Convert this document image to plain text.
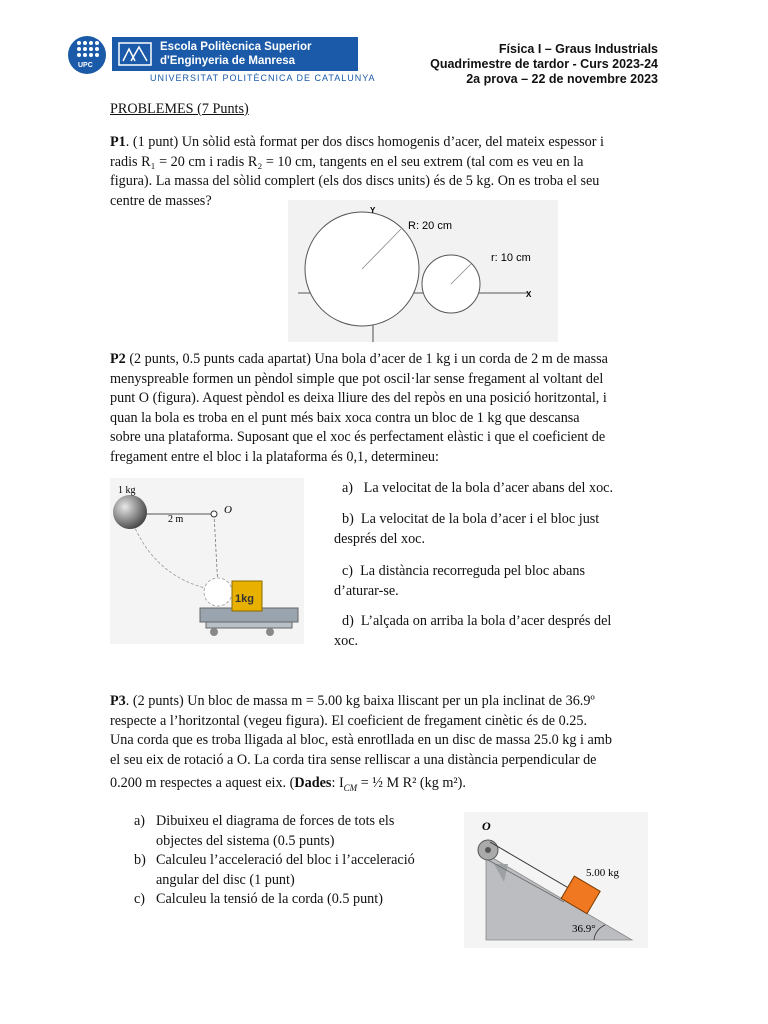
UPC
Escola Politècnica Superior
d'Enginyeria de Manresa
UNIVERSITAT POLITÈCNICA DE CATALUNYA
Física I – Graus Industrials
Quadrimestre de tardor - Curs 2023-24
2a prova – 22 de novembre 2023
PROBLEMES (7 Punts)
P1. (1 punt) Un sòlid està format per dos discs homogenis d’acer, del mateix espessor i
radis R₁ = 20 cm i radis R₂ = 10 cm, tangents en el seu extrem (tal com es veu en la
figura). La massa del sòlid complert (els dos discs units) és de 5 kg. On es troba el seu
centre de masses?
Y
X
R: 20 cm
r: 10 cm
P2 (2 punts, 0.5 punts cada apartat) Una bola d’acer de 1 kg i un corda de 2 m de massa
menyspreable formen un pèndol simple que pot oscil·lar sense fregament al voltant del
punt O (figura). Aquest pèndol es deixa lliure des del repòs en una posició horitzontal, i
quan la bola es troba en el punt més baix xoca contra un bloc de 1 kg que descansa
sobre una plataforma. Suposant que el xoc és perfectament elàstic i que el coeficient de
fregament entre el bloc i la plataforma és 0,1, determineu:
1 kg
2 m
O
1kg
a) La velocitat de la bola d’acer abans del xoc.
b) La velocitat de la bola d’acer i el bloc just
després del xoc.
c) La distància recorreguda pel bloc abans
d’aturar-se.
d) L’alçada on arriba la bola d’acer després del
xoc.
P3. (2 punts) Un bloc de massa m = 5.00 kg baixa lliscant per un pla inclinat de 36.9º
respecte a l’horitzontal (vegeu figura). El coeficient de fregament cinètic és de 0.25.
Una corda que es troba lligada al bloc, està enrotllada en un disc de massa 25.0 kg i amb
el seu eix de rotació a O. La corda tira sense relliscar a una distància perpendicular de
0.200 m respectes a aquest eix. (Dades: $I_{CM}$ = ½ M R² (kg m²).
a) Dibuixeu el diagrama de forces de tots els
objectes del sistema (0.5 punts)
b) Calculeu l’acceleració del bloc i l’acceleració
angular del disc (1 punt)
c) Calculeu la tensió de la corda (0.5 punt)
O
5.00 kg
36.9°
